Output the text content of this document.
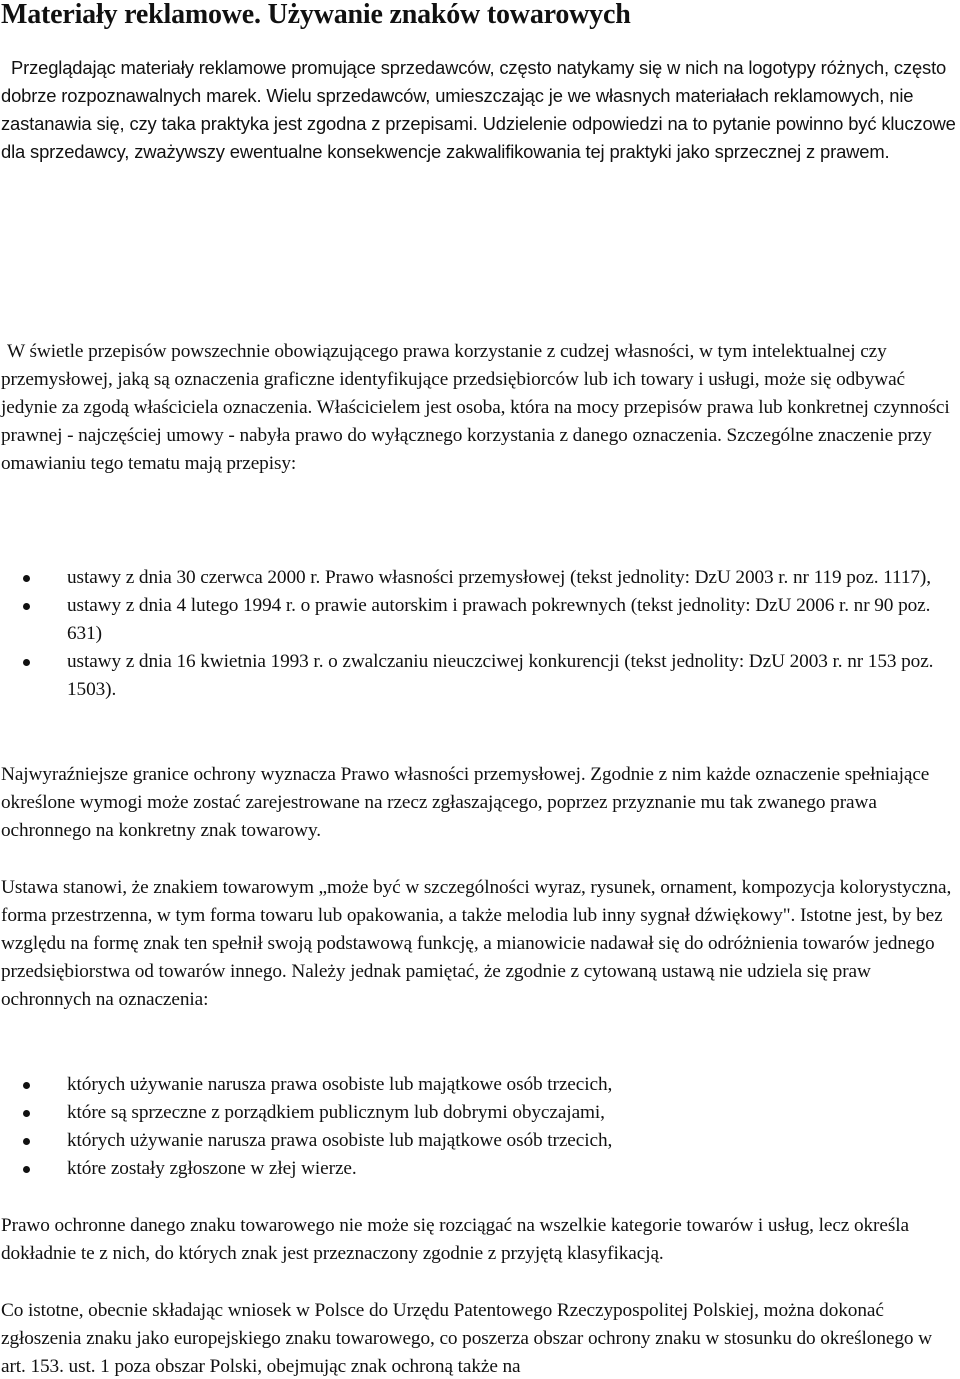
Materiały reklamowe. Używanie znaków towarowych

Przeglądając materiały reklamowe promujące sprzedawców, często natykamy się w nich na logotypy różnych, często dobrze rozpoznawalnych marek. Wielu sprzedawców, umieszczając je we własnych materiałach reklamowych, nie zastanawia się, czy taka praktyka jest zgodna z przepisami. Udzielenie odpowiedzi na to pytanie powinno być kluczowe dla sprzedawcy, zważywszy ewentualne konsekwencje zakwalifikowania tej praktyki jako sprzecznej z prawem.

W świetle przepisów powszechnie obowiązującego prawa korzystanie z cudzej własności, w tym intelektualnej czy przemysłowej, jaką są oznaczenia graficzne identyfikujące przedsiębiorców lub ich towary i usługi, może się odbywać jedynie za zgodą właściciela oznaczenia. Właścicielem jest osoba, która na mocy przepisów prawa lub konkretnej czynności prawnej - najczęściej umowy - nabyła prawo do wyłącznego korzystania z danego oznaczenia. Szczególne znaczenie przy omawianiu tego tematu mają przepisy:

ustawy z dnia 30 czerwca 2000 r. Prawo własności przemysłowej (tekst jednolity: DzU 2003 r. nr 119 poz. 1117),
ustawy z dnia 4 lutego 1994 r. o prawie autorskim i prawach pokrewnych (tekst jednolity: DzU 2006 r. nr 90 poz. 631)
ustawy z dnia 16 kwietnia 1993 r. o zwalczaniu nieuczciwej konkurencji (tekst jednolity: DzU 2003 r. nr 153 poz. 1503).

Najwyraźniejsze granice ochrony wyznacza Prawo własności przemysłowej. Zgodnie z nim każde oznaczenie spełniające określone wymogi może zostać zarejestrowane na rzecz zgłaszającego, poprzez przyznanie mu tak zwanego prawa ochronnego na konkretny znak towarowy.

Ustawa stanowi, że znakiem towarowym „może być w szczególności wyraz, rysunek, ornament, kompozycja kolorystyczna, forma przestrzenna, w tym forma towaru lub opakowania, a także melodia lub inny sygnał dźwiękowy". Istotne jest, by bez względu na formę znak ten spełnił swoją podstawową funkcję, a mianowicie nadawał się do odróżnienia towarów jednego przedsiębiorstwa od towarów innego. Należy jednak pamiętać, że zgodnie z cytowaną ustawą nie udziela się praw ochronnych na oznaczenia:

których używanie narusza prawa osobiste lub majątkowe osób trzecich,
które są sprzeczne z porządkiem publicznym lub dobrymi obyczajami,
których używanie narusza prawa osobiste lub majątkowe osób trzecich,
które zostały zgłoszone w złej wierze.

Prawo ochronne danego znaku towarowego nie może się rozciągać na wszelkie kategorie towarów i usług, lecz określa dokładnie te z nich, do których znak jest przeznaczony zgodnie z przyjętą klasyfikacją.

Co istotne, obecnie składając wniosek w Polsce do Urzędu Patentowego Rzeczypospolitej Polskiej, można dokonać zgłoszenia znaku jako europejskiego znaku towarowego, co poszerza obszar ochrony znaku w stosunku do określonego w art. 153. ust. 1 poza obszar Polski, obejmując znak ochroną także na
